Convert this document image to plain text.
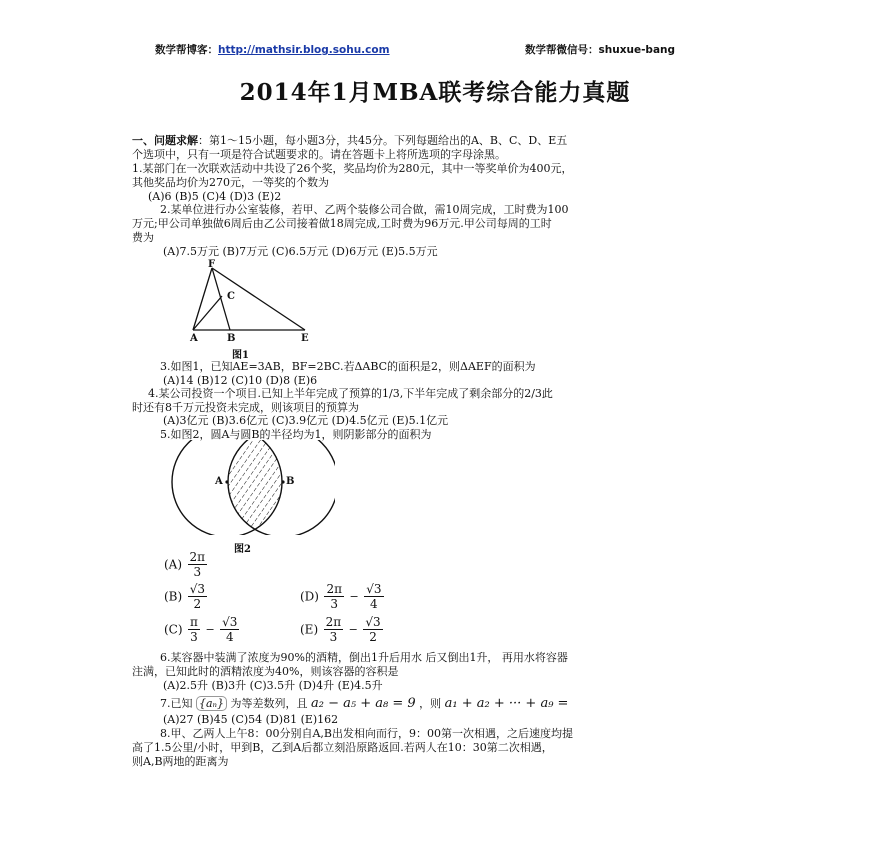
数学帮博客：http://mathsir.blog.sohu.com	数学帮微信号：shuxue-bang
2014年1月MBA联考综合能力真题
一、问题求解：第1～15小题，每小题3分，共45分。下列每题给出的A、B、C、D、E五
个选项中，只有一项是符合试题要求的。请在答题卡上将所选项的字母涂黑。
1.某部门在一次联欢活动中共设了26个奖，奖品均价为280元，其中一等奖单价为400元，
其他奖品均价为270元，一等奖的个数为
(A)6 (B)5 (C)4 (D)3 (E)2
2.某单位进行办公室装修，若甲、乙两个装修公司合做，需10周完成，工时费为100
万元;甲公司单独做6周后由乙公司接着做18周完成,工时费为96万元.甲公司每周的工时
费为
(A)7.5万元 (B)7万元 (C)6.5万元 (D)6万元 (E)5.5万元
F
C
A	B	E
图1
3.如图1，已知AE=3AB，BF=2BC.若ΔABC的面积是2，则ΔAEF的面积为
(A)14 (B)12 (C)10 (D)8 (E)6
4.某公司投资一个项目.已知上半年完成了预算的1/3,下半年完成了剩余部分的2/3此
时还有8千万元投资未完成，则该项目的预算为
(A)3亿元 (B)3.6亿元 (C)3.9亿元 (D)4.5亿元 (E)5.1亿元
5.如图2，圆A与圆B的半径均为1，则阴影部分的面积为
A	B
图2
$(A) \frac{2\pi}{3}$
$(B) \frac{√3}{2}$	$(D) \frac{2\pi}{3} - \frac{√3}{4}$
$(C) \frac{\pi}{3} - \frac{√3}{4}$	$(E) \frac{2\pi}{3} - \frac{√3}{2}$
6.某容器中装满了浓度为90%的酒精，倒出1升后用水 后又倒出1升， 再用水将容器
注满，已知此时的酒精浓度为40%，则该容器的容积是
(A)2.5升 (B)3升 (C)3.5升 (D)4升 (E)4.5升
7.已知 {aₙ} 为等差数列，且 a₂ − a₅ + a₈ = 9 ，则 a₁ + a₂ + ··· + a₉ =
(A)27 (B)45 (C)54 (D)81 (E)162
8.甲、乙两人上午8：00分别自A,B出发相向而行，9：00第一次相遇，之后速度均提
高了1.5公里/小时，甲到B，乙到A后都立刻沿原路返回.若两人在10：30第二次相遇，
则A,B两地的距离为
